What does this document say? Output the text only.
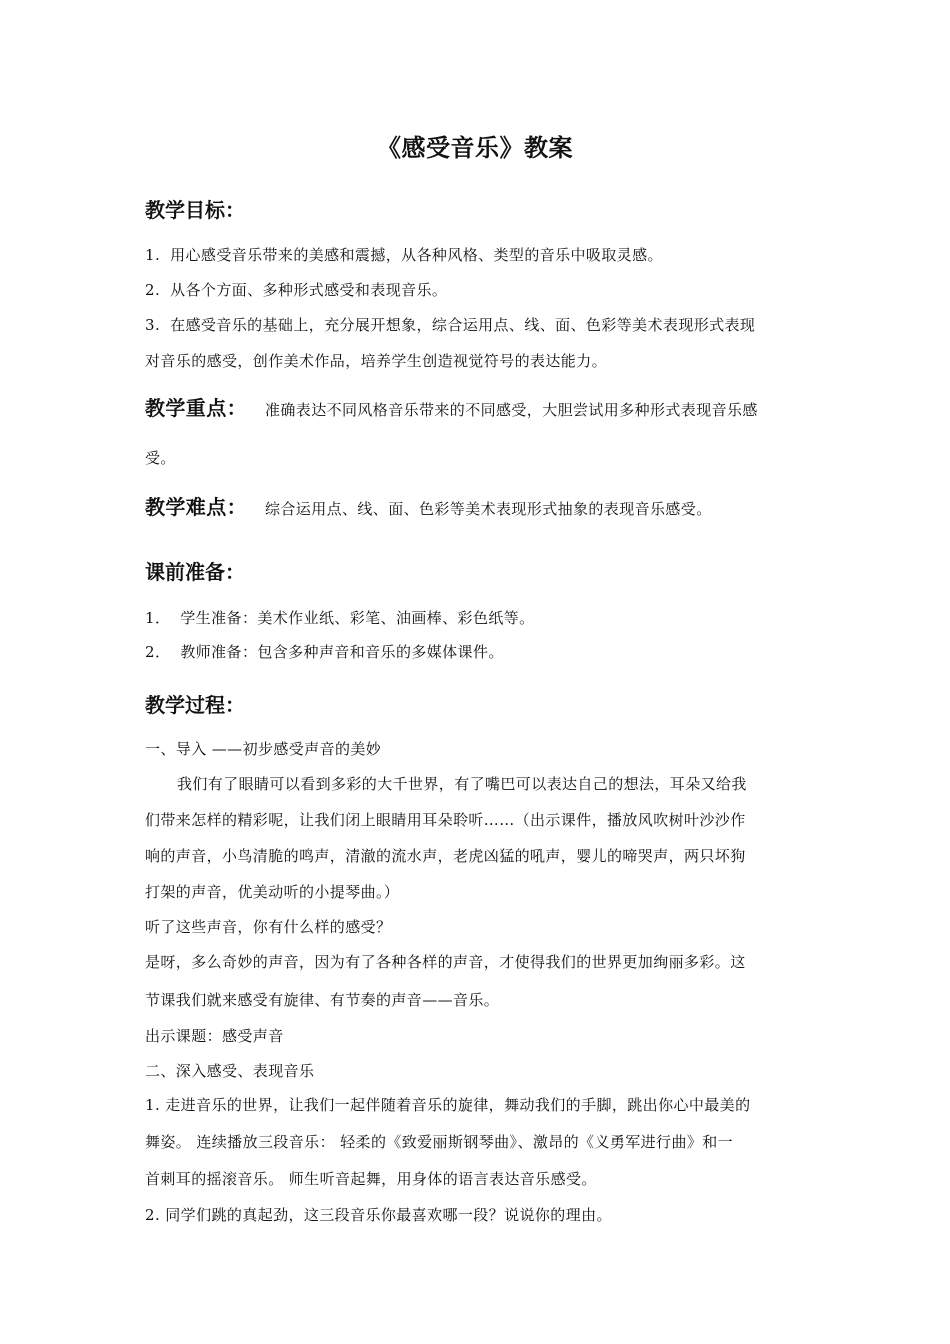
《感受音乐》教案
教学目标：
1. 用心感受音乐带来的美感和震撼，从各种风格、类型的音乐中吸取灵感。
2. 从各个方面、多种形式感受和表现音乐。
3. 在感受音乐的基础上，充分展开想象，综合运用点、线、面、色彩等美术表现形式表现
对音乐的感受，创作美术作品，培养学生创造视觉符号的表达能力。
教学重点： 准确表达不同风格音乐带来的不同感受，大胆尝试用多种形式表现音乐感
受。
教学难点： 综合运用点、线、面、色彩等美术表现形式抽象的表现音乐感受。
课前准备：
1． 学生准备：美术作业纸、彩笔、油画棒、彩色纸等。
2． 教师准备：包含多种声音和音乐的多媒体课件。
教学过程：
一、导入 ——初步感受声音的美妙
我们有了眼睛可以看到多彩的大千世界，有了嘴巴可以表达自己的想法，耳朵又给我
们带来怎样的精彩呢，让我们闭上眼睛用耳朵聆听……（出示课件，播放风吹树叶沙沙作
响的声音，小鸟清脆的鸣声，清澈的流水声，老虎凶猛的吼声，婴儿的啼哭声，两只坏狗
打架的声音，优美动听的小提琴曲。）
听了这些声音，你有什么样的感受？
是呀，多么奇妙的声音，因为有了各种各样的声音，才使得我们的世界更加绚丽多彩。这
节课我们就来感受有旋律、有节奏的声音——音乐。
出示课题：感受声音
二、深入感受、表现音乐
1. 走进音乐的世界，让我们一起伴随着音乐的旋律，舞动我们的手脚，跳出你心中最美的
舞姿。 连续播放三段音乐： 轻柔的《致爱丽斯钢琴曲》、激昂的《义勇军进行曲》和一
首刺耳的摇滚音乐。 师生听音起舞，用身体的语言表达音乐感受。
2. 同学们跳的真起劲，这三段音乐你最喜欢哪一段？说说你的理由。
